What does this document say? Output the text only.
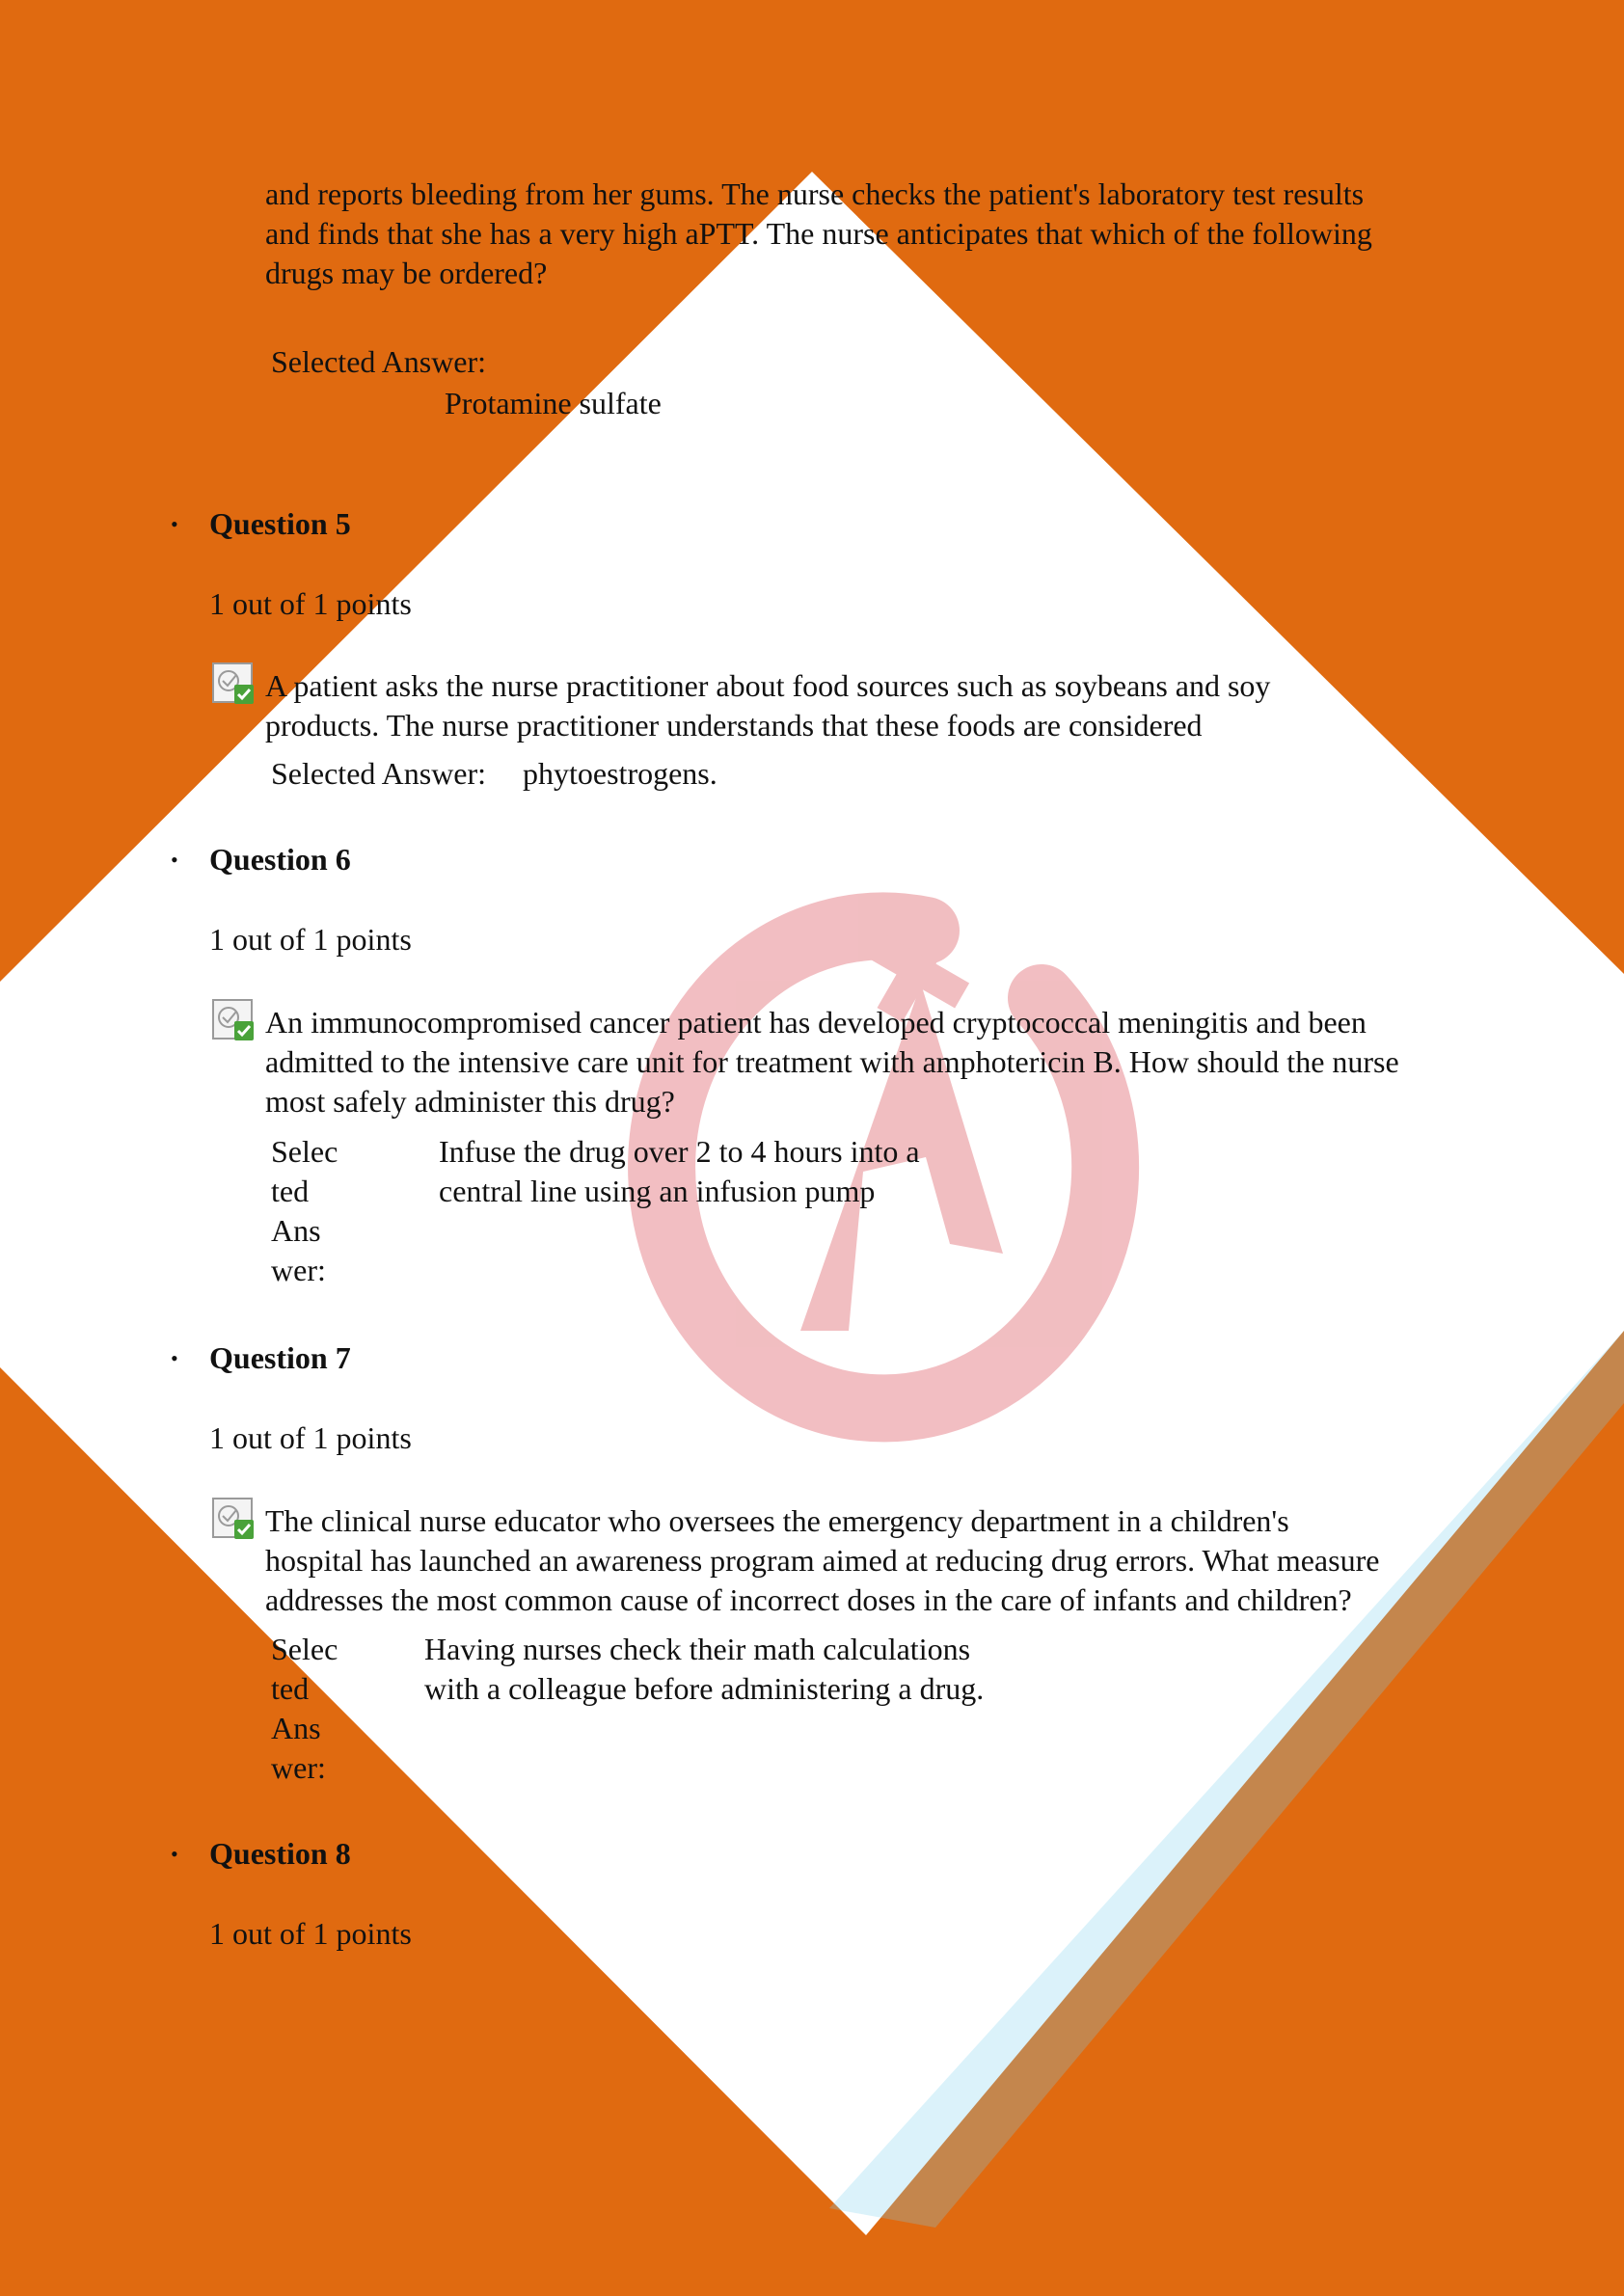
and reports bleeding from her gums. The nurse checks the patient's laboratory test results
and finds that she has a very high aPTT. The nurse anticipates that which of the following
drugs may be ordered?
Selected Answer:
Protamine sulfate
• Question 5
1 out of 1 points
A patient asks the nurse practitioner about food sources such as soybeans and soy
products. The nurse practitioner understands that these foods are considered
Selected Answer: phytoestrogens.
• Question 6
1 out of 1 points
An immunocompromised cancer patient has developed cryptococcal meningitis and been
admitted to the intensive care unit for treatment with amphotericin B. How should the nurse
most safely administer this drug?
Selec
ted
Ans
wer:
Infuse the drug over 2 to 4 hours into a
central line using an infusion pump
• Question 7
1 out of 1 points
The clinical nurse educator who oversees the emergency department in a children's
hospital has launched an awareness program aimed at reducing drug errors. What measure
addresses the most common cause of incorrect doses in the care of infants and children?
Selec
ted
Ans
wer:
Having nurses check their math calculations
with a colleague before administering a drug.
• Question 8
1 out of 1 points
